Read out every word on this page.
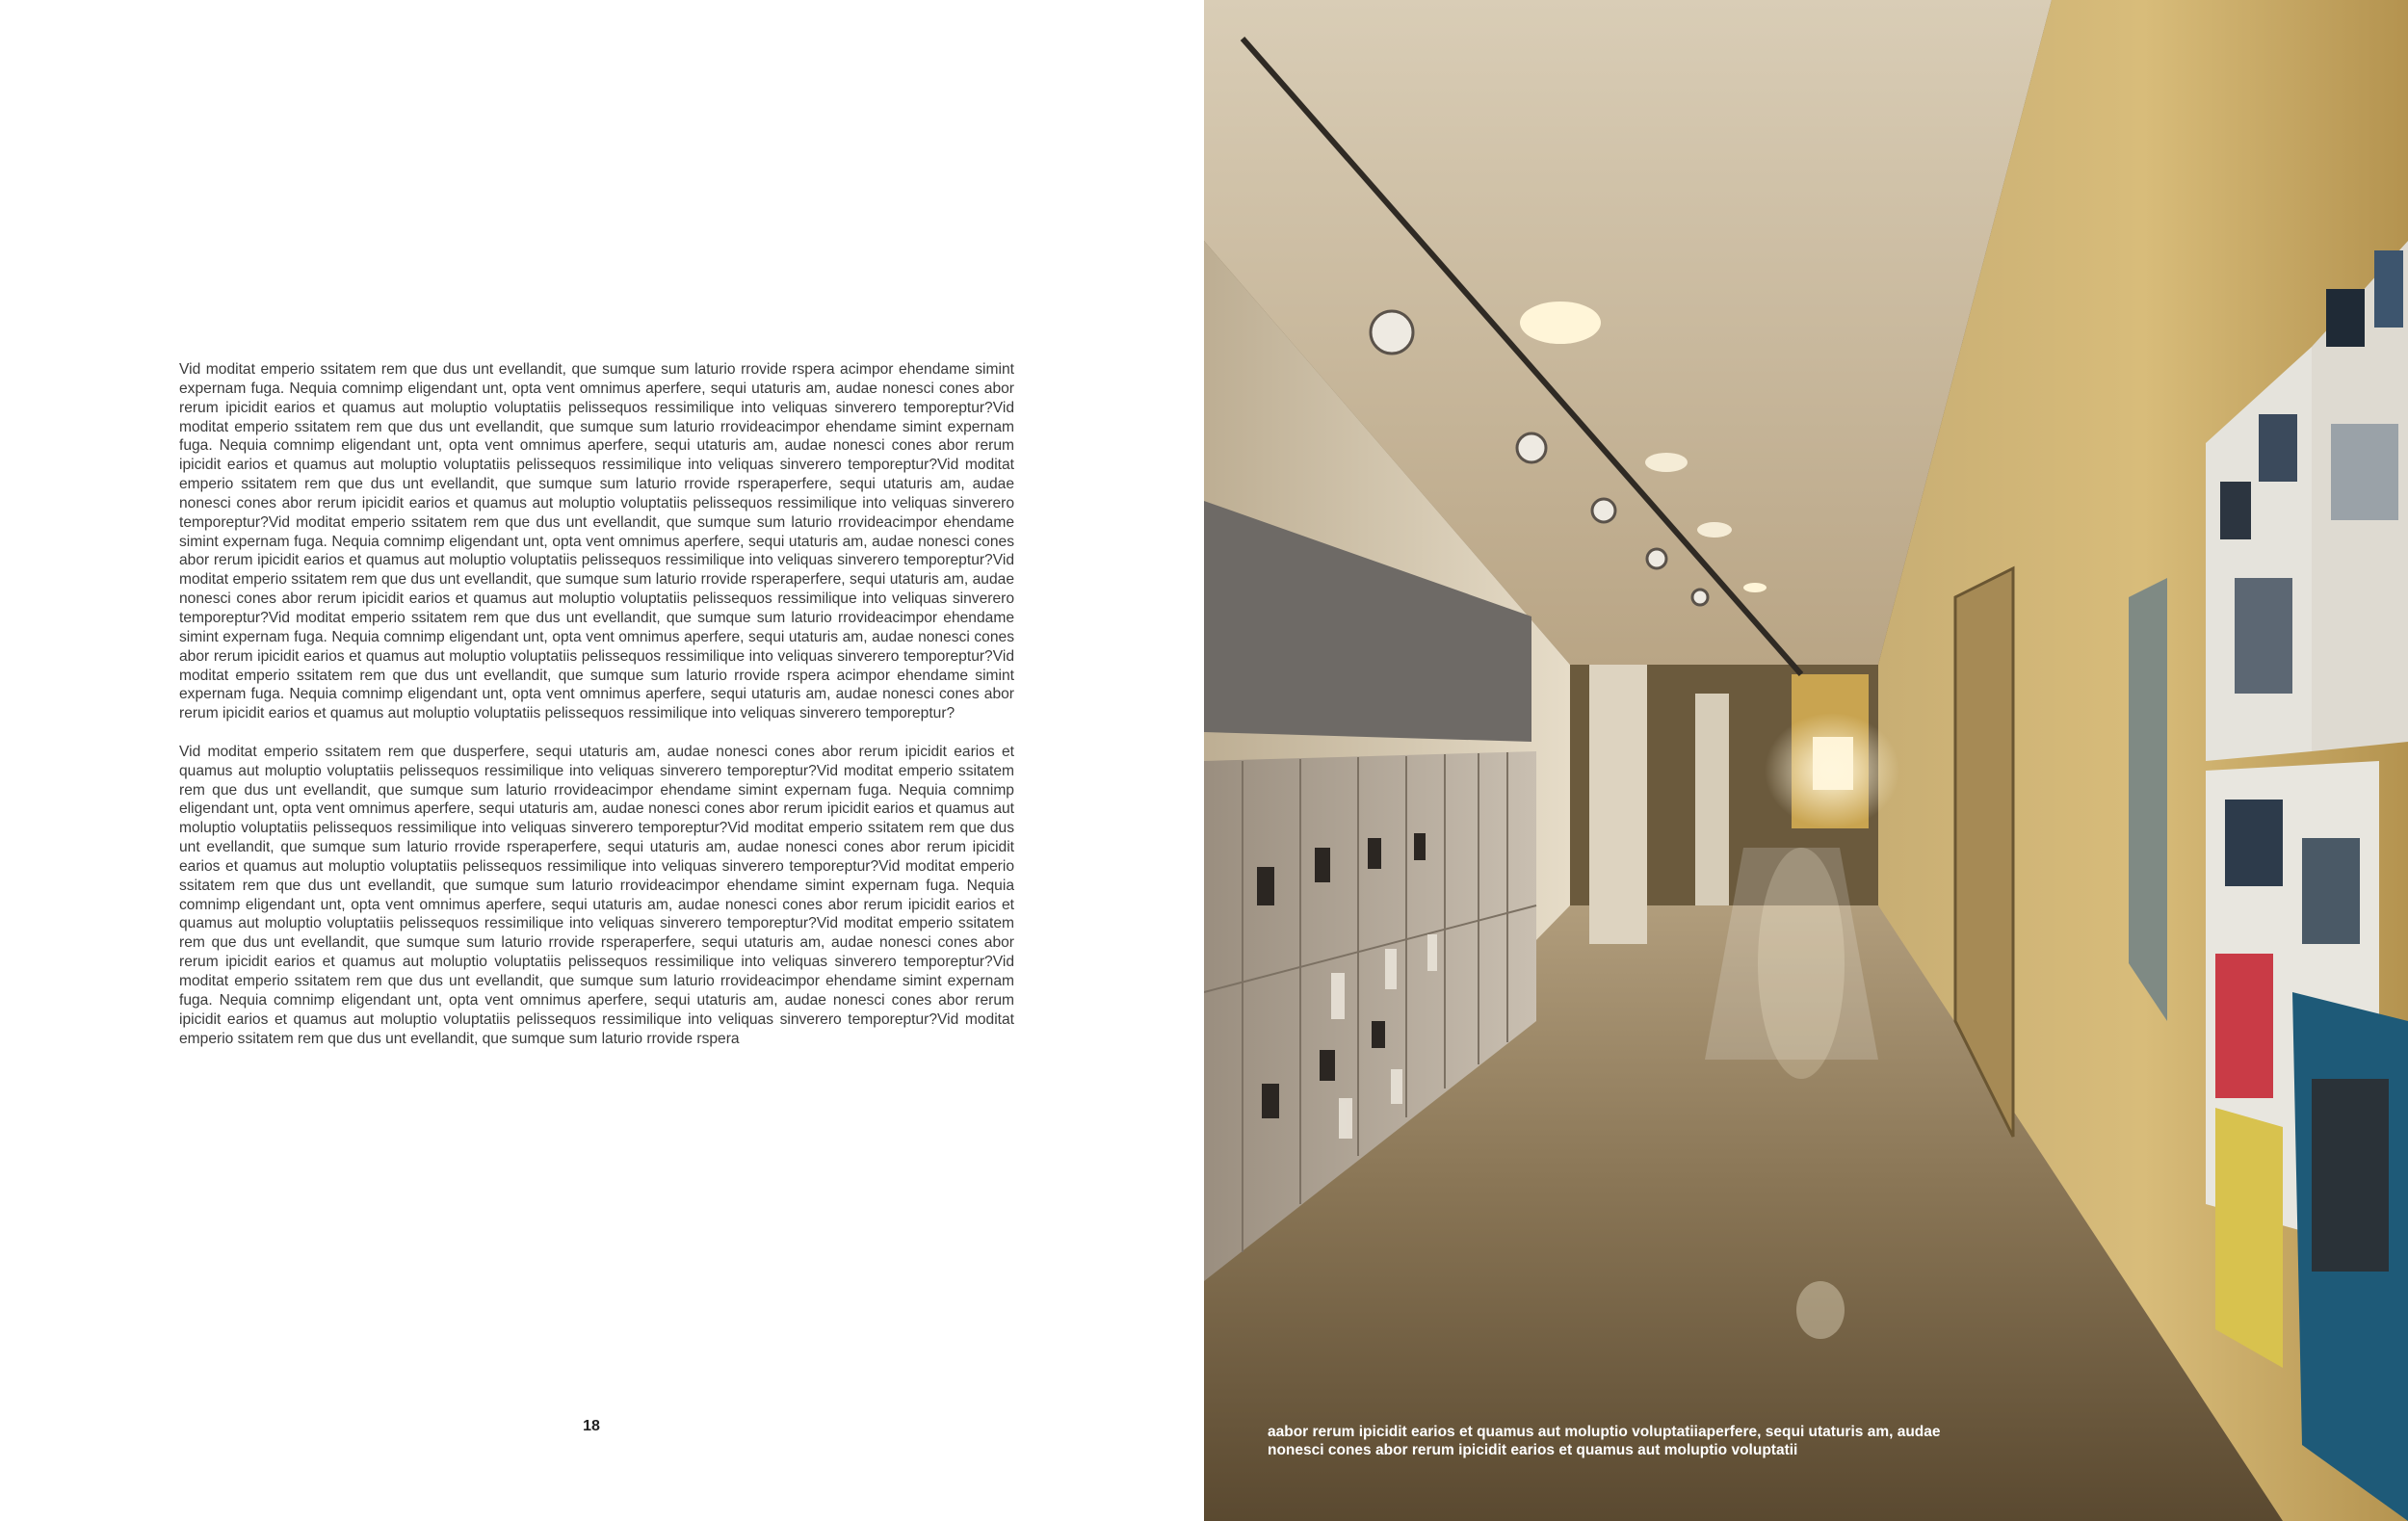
Vid moditat emperio ssitatem rem que dus unt evellandit, que sumque sum laturio rrovide rspera acimpor ehendame simint expernam fuga. Nequia comnimp eligendant unt, opta vent omnimus aperfere, sequi utaturis am, audae nonesci cones abor rerum ipicidit earios et quamus aut moluptio voluptatiis pelissequos ressimilique into veliquas sinverero temporeptur?Vid moditat emperio ssitatem rem que dus unt evellandit, que sumque sum laturio rrovideacimpor ehendame simint expernam fuga. Nequia comnimp eligendant unt, opta vent omnimus aperfere, sequi utaturis am, audae nonesci cones abor rerum ipicidit earios et quamus aut moluptio voluptatiis pelissequos ressimilique into veliquas sinverero temporeptur?Vid moditat emperio ssitatem rem que dus unt evellandit, que sumque sum laturio rrovide rsperaperfere, sequi utaturis am, audae nonesci cones abor rerum ipicidit earios et quamus aut moluptio voluptatiis pelissequos ressimilique into veliquas sinverero temporeptur?Vid moditat emperio ssitatem rem que dus unt evellandit, que sumque sum laturio rrovideacimpor ehendame simint expernam fuga. Nequia comnimp eligendant unt, opta vent omnimus aperfere, sequi utaturis am, audae nonesci cones abor rerum ipicidit earios et quamus aut moluptio voluptatiis pelissequos ressimilique into veliquas sinverero temporeptur?Vid moditat emperio ssitatem rem que dus unt evellandit, que sumque sum laturio rrovide rsperaperfere, sequi utaturis am, audae nonesci cones abor rerum ipicidit earios et quamus aut moluptio voluptatiis pelissequos ressimilique into veliquas sinverero temporeptur?Vid moditat emperio ssitatem rem que dus unt evellandit, que sumque sum laturio rrovideacimpor ehendame simint expernam fuga. Nequia comnimp eligendant unt, opta vent omnimus aperfere, sequi utaturis am, audae nonesci cones abor rerum ipicidit earios et quamus aut moluptio voluptatiis pelissequos ressimilique into veliquas sinverero temporeptur?Vid moditat emperio ssitatem rem que dus unt evellandit, que sumque sum laturio rrovide rspera acimpor ehendame simint expernam fuga. Nequia comnimp eligendant unt, opta vent omnimus aperfere, sequi utaturis am, audae nonesci cones abor rerum ipicidit earios et quamus aut moluptio voluptatiis pelissequos ressimilique into veliquas sinverero temporeptur?

Vid moditat emperio ssitatem rem que dusperfere, sequi utaturis am, audae nonesci cones abor rerum ipicidit earios et quamus aut moluptio voluptatiis pelissequos ressimilique into veliquas sinverero temporeptur?Vid moditat emperio ssitatem rem que dus unt evellandit, que sumque sum laturio rrovideacimpor ehendame simint expernam fuga. Nequia comnimp eligendant unt, opta vent omnimus aperfere, sequi utaturis am, audae nonesci cones abor rerum ipicidit earios et quamus aut moluptio voluptatiis pelissequos ressimilique into veliquas sinverero temporeptur?Vid moditat emperio ssitatem rem que dus unt evellandit, que sumque sum laturio rrovide rsperaperfere, sequi utaturis am, audae nonesci cones abor rerum ipicidit earios et quamus aut moluptio voluptatiis pelissequos ressimilique into veliquas sinverero temporeptur?Vid moditat emperio ssitatem rem que dus unt evellandit, que sumque sum laturio rrovideacimpor ehendame simint expernam fuga. Nequia comnimp eligendant unt, opta vent omnimus aperfere, sequi utaturis am, audae nonesci cones abor rerum ipicidit earios et quamus aut moluptio voluptatiis pelissequos ressimilique into veliquas sinverero temporeptur?Vid moditat emperio ssitatem rem que dus unt evellandit, que sumque sum laturio rrovide rsperaperfere, sequi utaturis am, audae nonesci cones abor rerum ipicidit earios et quamus aut moluptio voluptatiis pelissequos ressimilique into veliquas sinverero temporeptur?Vid moditat emperio ssitatem rem que dus unt evellandit, que sumque sum laturio rrovideacimpor ehendame simint expernam fuga. Nequia comnimp eligendant unt, opta vent omnimus aperfere, sequi utaturis am, audae nonesci cones abor rerum ipicidit earios et quamus aut moluptio voluptatiis pelissequos ressimilique into veliquas sinverero temporeptur?Vid moditat emperio ssitatem rem que dus unt evellandit, que sumque sum laturio rrovide rspera

18	aabor rerum ipicidit earios et quamus aut moluptio voluptatiiaperfere, sequi utaturis am, audae nonesci cones abor rerum ipicidit earios et quamus aut moluptio voluptatii
